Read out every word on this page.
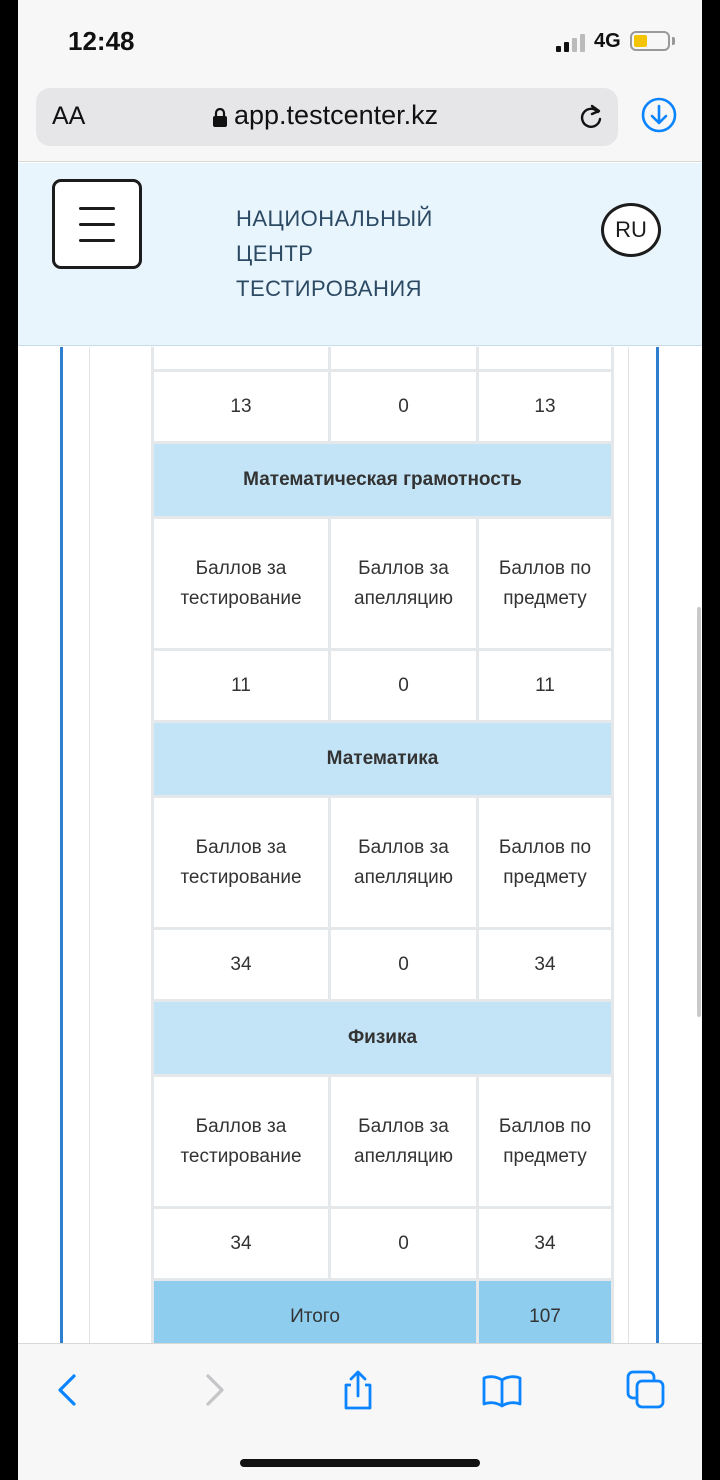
12:48	4G
AA	app.testcenter.kz
НАЦИОНАЛЬНЫЙ
ЦЕНТР
ТЕСТИРОВАНИЯ
RU

13	0	13
Математическая грамотность		
Баллов за тестирование	Баллов за апелляцию	Баллов по предмету
11	0	11
Математика		
Баллов за тестирование	Баллов за апелляцию	Баллов по предмету
34	0	34
Физика		
Баллов за тестирование	Баллов за апелляцию	Баллов по предмету
34	0	34
Итого		107
